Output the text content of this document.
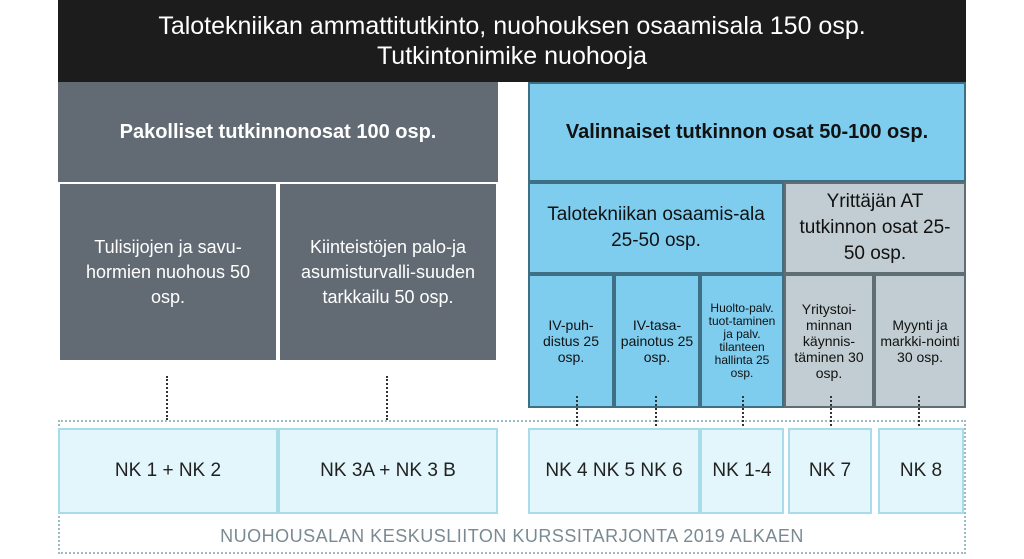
Talotekniikan ammattitutkinto, nuohouksen osaamisala 150 osp.
Tutkintonimike nuohooja
Pakolliset tutkinnonosat 100 osp.
Tulisijojen ja savu-hormien nuohous 50 osp.
Kiinteistöjen palo-ja asumisturvalli-suuden tarkkailu 50 osp.
Valinnaiset tutkinnon osat 50-100 osp.
Talotekniikan osaamis-ala 25-50 osp.
Yrittäjän AT tutkinnon osat 25-50 osp.
IV-puh-distus 25 osp.
IV-tasa-painotus 25 osp.
Huolto-palv. tuot-taminen ja palv. tilanteen hallinta 25 osp.
Yritystoi-minnan käynnis-täminen 30 osp.
Myynti ja markki-nointi 30 osp.
NK 1 + NK 2	NK 3A + NK 3 B	NK 4 NK 5 NK 6	NK 1-4	NK 7	NK 8
NUOHOUSALAN KESKUSLIITON KURSSITARJONTA 2019 ALKAEN
